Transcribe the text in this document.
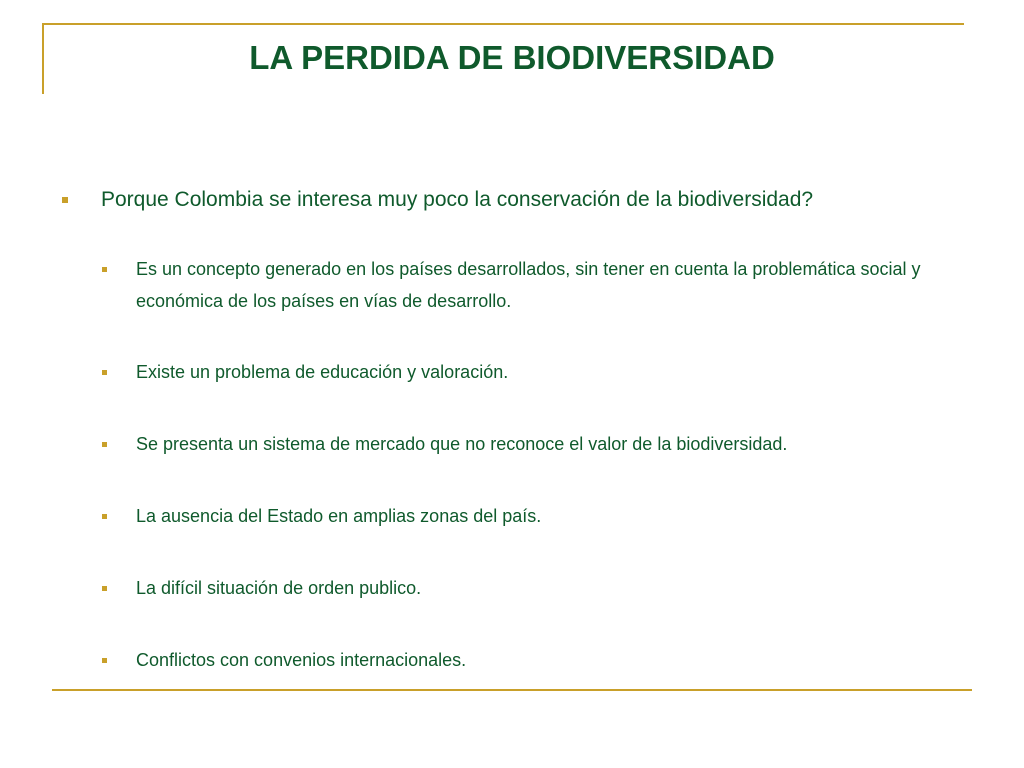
LA PERDIDA DE BIODIVERSIDAD
Porque Colombia se interesa muy poco la conservación de la biodiversidad?
Es un concepto generado en los países desarrollados, sin tener en cuenta la problemática social y económica de los países en vías de desarrollo.
Existe un problema de educación y valoración.
Se presenta un sistema de mercado que no reconoce el valor de la biodiversidad.
La ausencia del Estado en amplias zonas del país.
La difícil situación de orden publico.
Conflictos con convenios internacionales.
